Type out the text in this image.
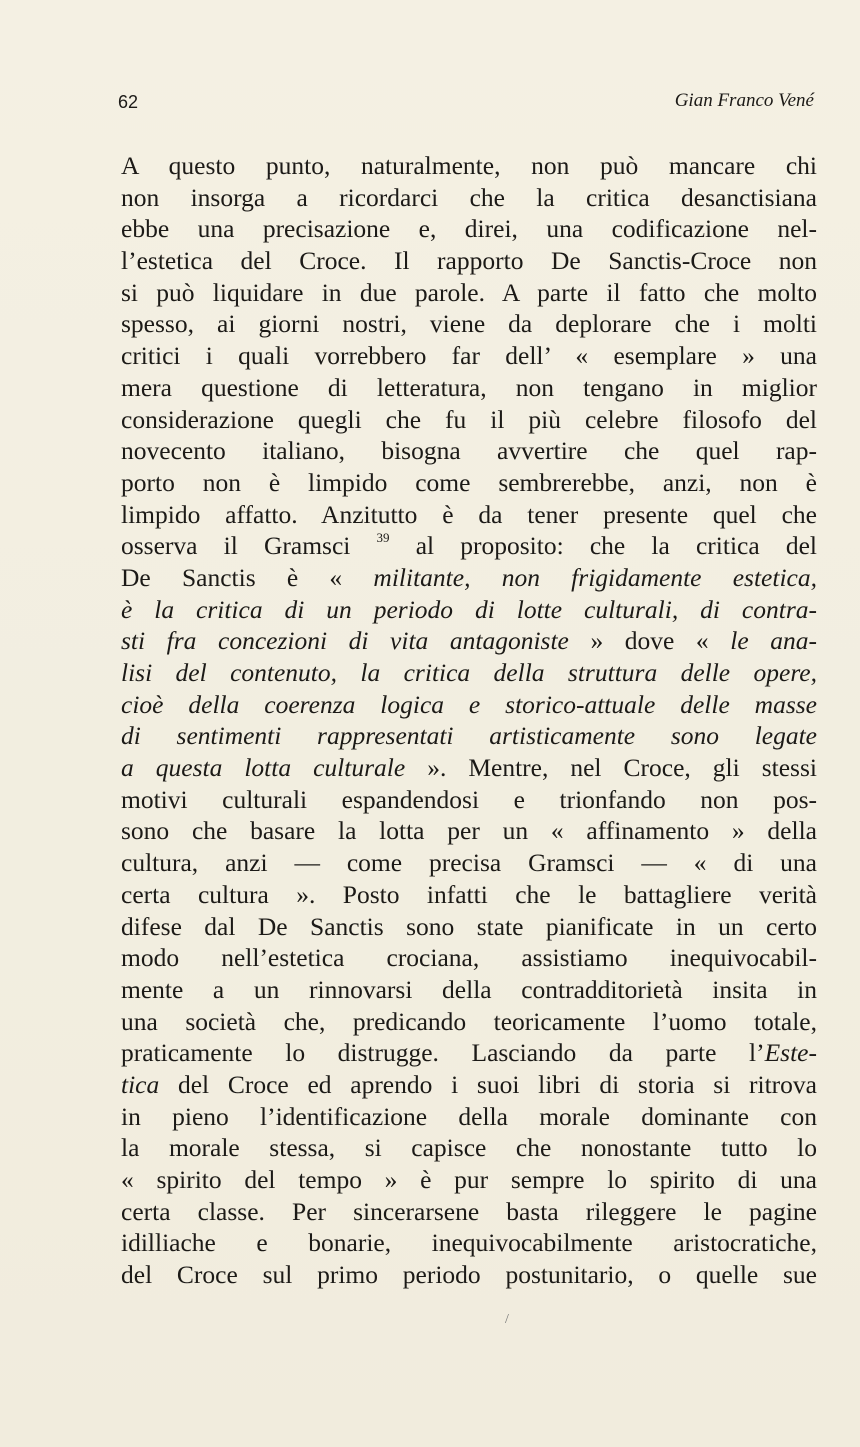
62	Gian Franco Vené
A questo punto, naturalmente, non può mancare chi
non insorga a ricordarci che la critica desanctisiana
ebbe una precisazione e, direi, una codificazione nel-
l’estetica del Croce. Il rapporto De Sanctis-Croce non
si può liquidare in due parole. A parte il fatto che molto
spesso, ai giorni nostri, viene da deplorare che i molti
critici i quali vorrebbero far dell’ « esemplare » una
mera questione di letteratura, non tengano in miglior
considerazione quegli che fu il più celebre filosofo del
novecento italiano, bisogna avvertire che quel rap-
porto non è limpido come sembrerebbe, anzi, non è
limpido affatto. Anzitutto è da tener presente quel che
osserva il Gramsci $^{39}$ al proposito: che la critica del
De Sanctis è « militante, non frigidamente estetica,
è la critica di un periodo di lotte culturali, di contra-
sti fra concezioni di vita antagoniste » dove « le ana-
lisi del contenuto, la critica della struttura delle opere,
cioè della coerenza logica e storico-attuale delle masse
di sentimenti rappresentati artisticamente sono legate
a questa lotta culturale ». Mentre, nel Croce, gli stessi
motivi culturali espandendosi e trionfando non pos-
sono che basare la lotta per un « affinamento » della
cultura, anzi — come precisa Gramsci — « di una
certa cultura ». Posto infatti che le battagliere verità
difese dal De Sanctis sono state pianificate in un certo
modo nell’estetica crociana, assistiamo inequivocabil-
mente a un rinnovarsi della contradditorietà insita in
una società che, predicando teoricamente l’uomo totale,
praticamente lo distrugge. Lasciando da parte l’Este-
tica del Croce ed aprendo i suoi libri di storia si ritrova
in pieno l’identificazione della morale dominante con
la morale stessa, si capisce che nonostante tutto lo
« spirito del tempo » è pur sempre lo spirito di una
certa classe. Per sincerarsene basta rileggere le pagine
idilliache e bonarie, inequivocabilmente aristocratiche,
del Croce sul primo periodo postunitario, o quelle sue
/
